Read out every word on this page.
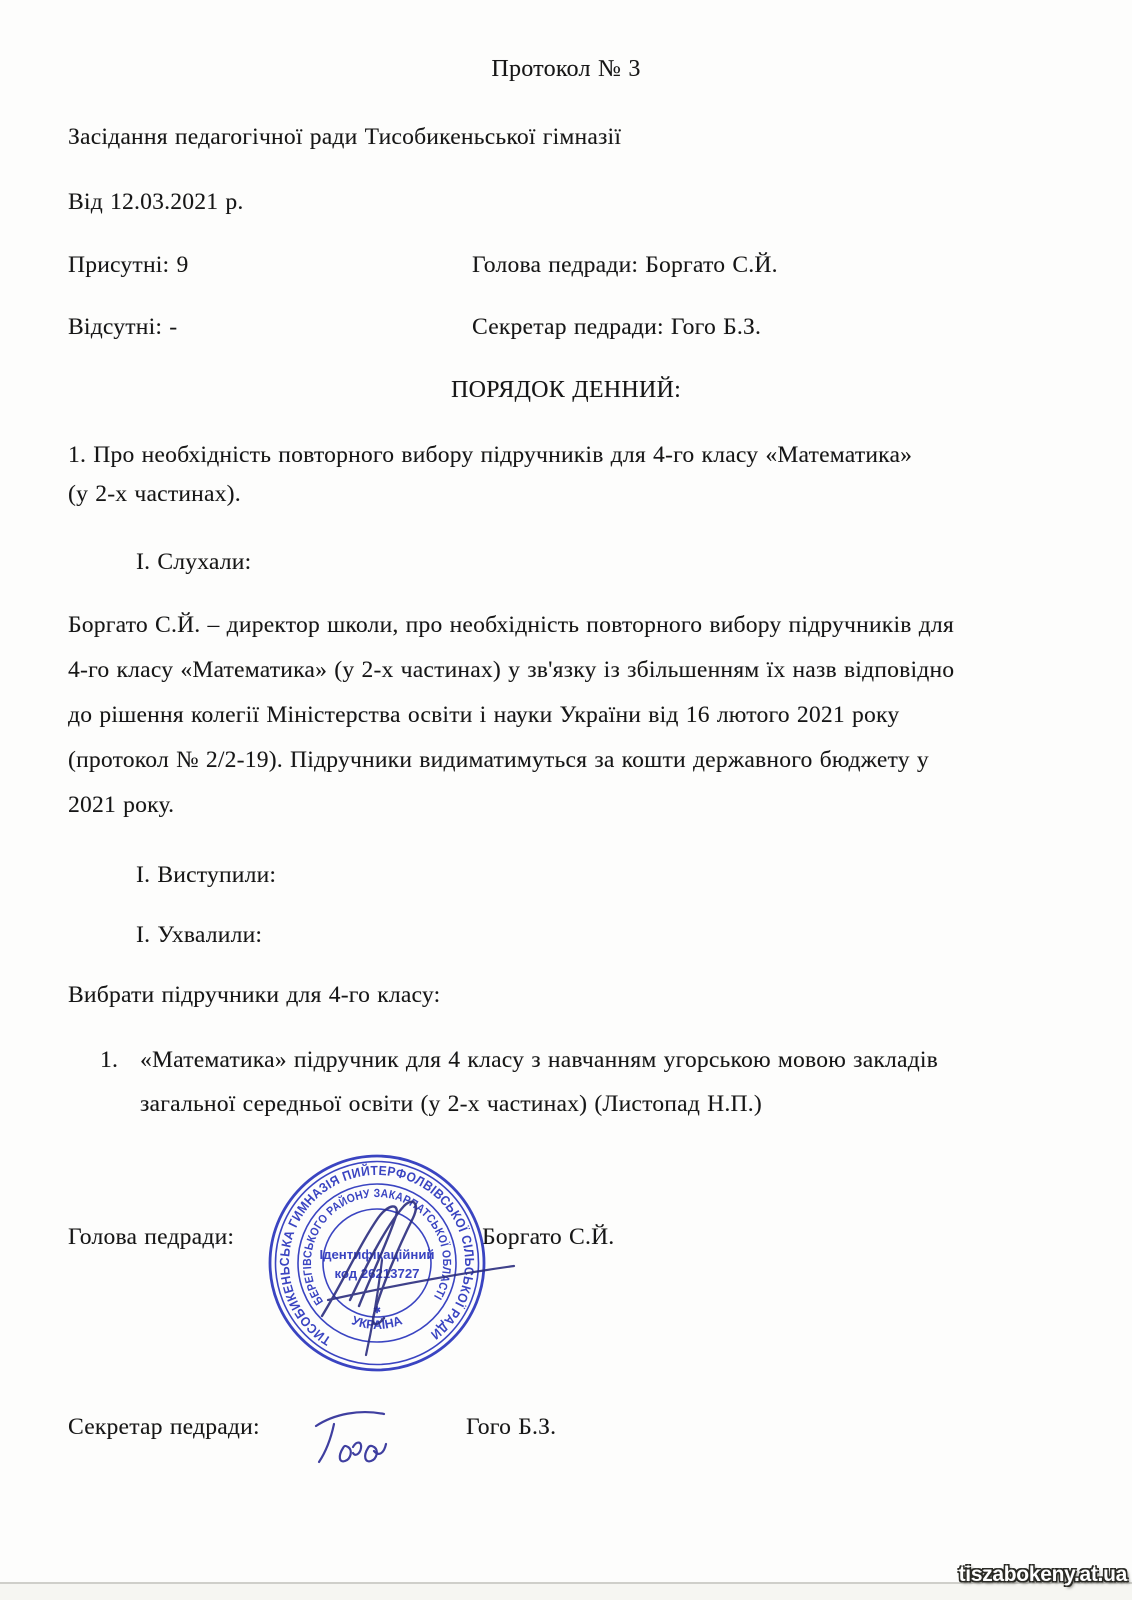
Протокол № 3
Засідання педагогічної ради Тисобикеньської гімназії
Від 12.03.2021 р.
Присутні: 9	Голова педради: Боргато С.Й.
Відсутні: -	Секретар педради: Гого Б.З.
ПОРЯДОК ДЕННИЙ:
1. Про необхідність повторного вибору підручників для 4-го класу «Математика»
(у 2-х частинах).
І. Слухали:
Боргато С.Й. – директор школи, про необхідність повторного вибору підручників для
4-го класу «Математика» (у 2-х частинах) у зв'язку із збільшенням їх назв відповідно
до рішення колегії Міністерства освіти і науки України від 16 лютого 2021 року
(протокол № 2/2-19). Підручники видиматимуться за кошти державного бюджету у
2021 року.
І. Виступили:
І. Ухвалили:
Вибрати підручники для 4-го класу:
1. «Математика» підручник для 4 класу з навчанням угорською мовою закладів
загальної середньої освіти (у 2-х частинах) (Листопад Н.П.)
Голова педради:	Боргато С.Й.
ТИСОБИКЕНЬСЬКА ГИМНАЗІЯ ПИЙТЕРФОЛВІВСЬКОЇ СІЛЬСЬКОЇ РАДИ
БЕРЕГІВСЬКОГО РАЙОНУ ЗАКАРПАТСЬКОЇ ОБЛАСТІ
• УКРАЇНА •
Ідентифікаційний
код 26213727
✱
Секретар педради:	Гого Б.З.
tiszabokeny.at.ua
